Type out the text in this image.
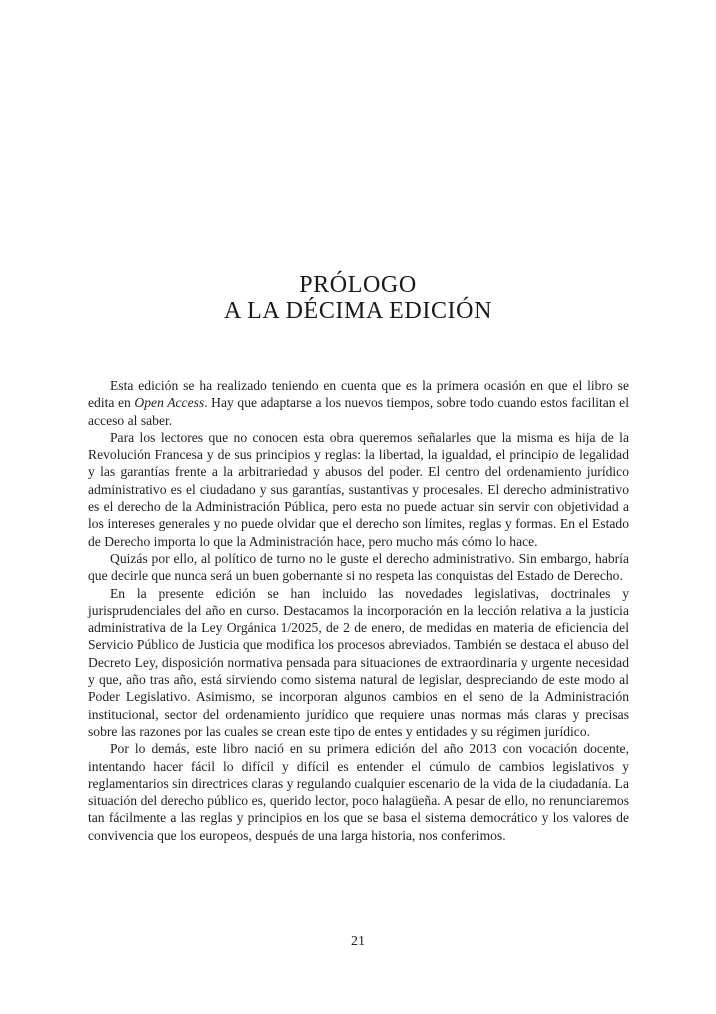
PRÓLOGO
A LA DÉCIMA EDICIÓN

Esta edición se ha realizado teniendo en cuenta que es la primera ocasión en que el libro se edita en Open Access. Hay que adaptarse a los nuevos tiempos, sobre todo cuando estos facilitan el acceso al saber.

Para los lectores que no conocen esta obra queremos señalarles que la misma es hija de la Revolución Francesa y de sus principios y reglas: la libertad, la igualdad, el principio de legalidad y las garantías frente a la arbitrariedad y abusos del poder. El centro del ordenamiento jurídico administrativo es el ciudadano y sus garantías, sustantivas y procesales. El derecho administrativo es el derecho de la Administración Pública, pero esta no puede actuar sin servir con objetividad a los intereses generales y no puede olvidar que el derecho son límites, reglas y formas. En el Estado de Derecho importa lo que la Administración hace, pero mucho más cómo lo hace.

Quizás por ello, al político de turno no le guste el derecho administrativo. Sin embargo, habría que decirle que nunca será un buen gobernante si no respeta las conquistas del Estado de Derecho.

En la presente edición se han incluido las novedades legislativas, doctrinales y jurisprudenciales del año en curso. Destacamos la incorporación en la lección relativa a la justicia administrativa de la Ley Orgánica 1/2025, de 2 de enero, de medidas en materia de eficiencia del Servicio Público de Justicia que modifica los procesos abreviados. También se destaca el abuso del Decreto Ley, disposición normativa pensada para situaciones de extraordinaria y urgente necesidad y que, año tras año, está sirviendo como sistema natural de legislar, despreciando de este modo al Poder Legislativo. Asimismo, se incorporan algunos cambios en el seno de la Administración institucional, sector del ordenamiento jurídico que requiere unas normas más claras y precisas sobre las razones por las cuales se crean este tipo de entes y entidades y su régimen jurídico.

Por lo demás, este libro nació en su primera edición del año 2013 con vocación docente, intentando hacer fácil lo difícil y difícil es entender el cúmulo de cambios legislativos y reglamentarios sin directrices claras y regulando cualquier escenario de la vida de la ciudadanía. La situación del derecho público es, querido lector, poco halagüeña. A pesar de ello, no renunciaremos tan fácilmente a las reglas y principios en los que se basa el sistema democrático y los valores de convivencia que los europeos, después de una larga historia, nos conferimos.

21
